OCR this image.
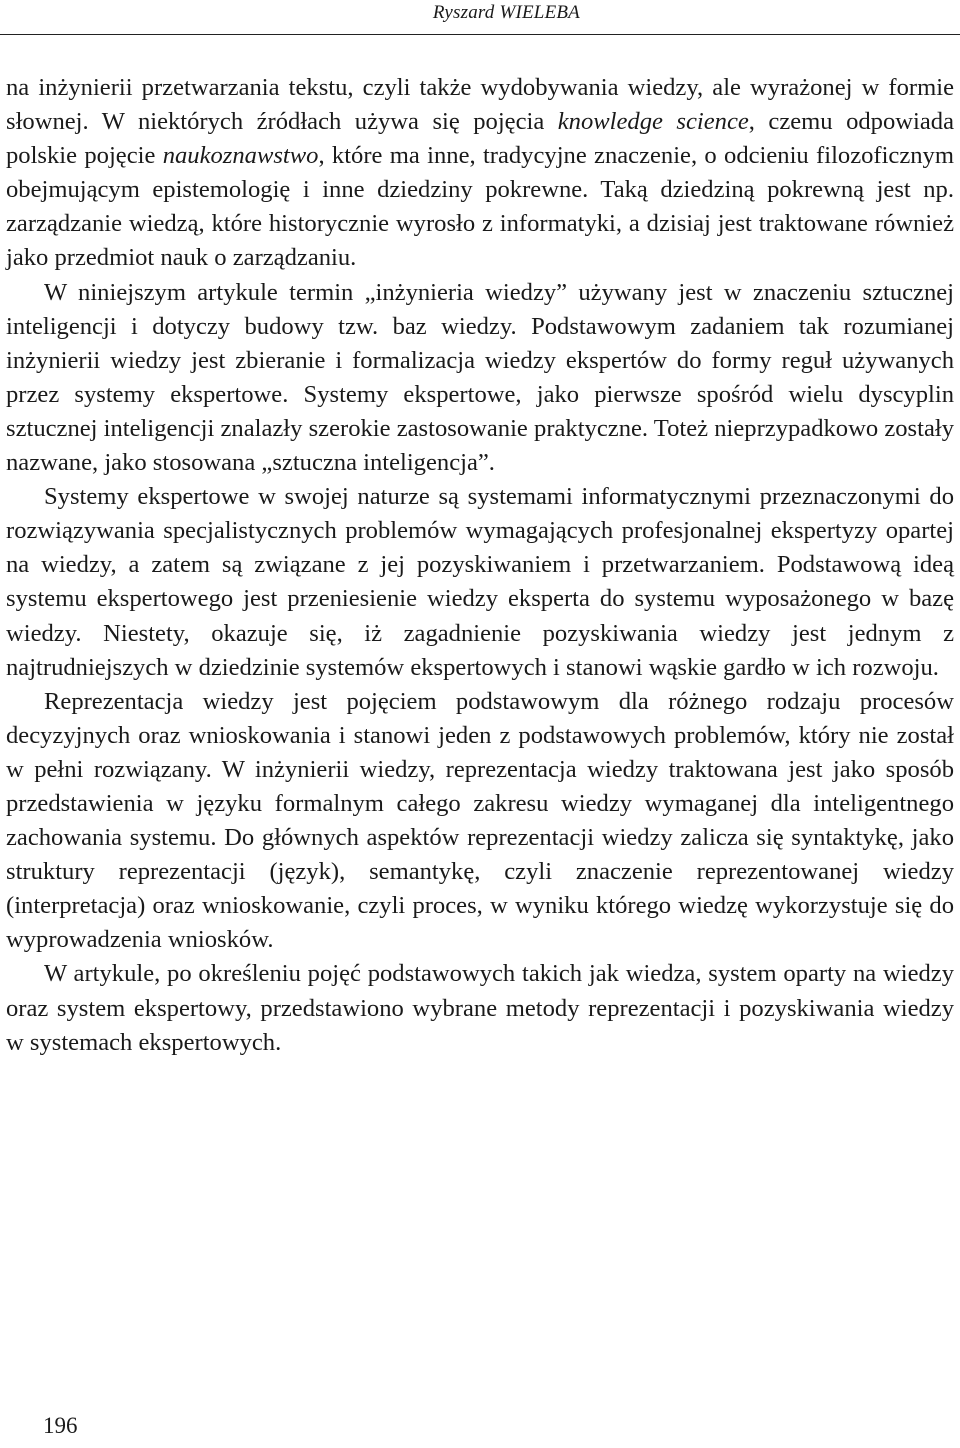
Ryszard WIELEBA

na inżynierii przetwarzania tekstu, czyli także wydobywania wiedzy, ale wyrażonej w formie słownej. W niektórych źródłach używa się pojęcia knowledge science, czemu odpowiada polskie pojęcie naukoznawstwo, które ma inne, tradycyjne znaczenie, o odcieniu filozoficznym obejmującym epistemologię i inne dziedziny pokrewne. Taką dziedziną pokrewną jest np. zarządzanie wiedzą, które historycznie wyrosło z informatyki, a dzisiaj jest traktowane również jako przedmiot nauk o zarządzaniu.

W niniejszym artykule termin „inżynieria wiedzy” używany jest w znaczeniu sztucznej inteligencji i dotyczy budowy tzw. baz wiedzy. Podstawowym zadaniem tak rozumianej inżynierii wiedzy jest zbieranie i formalizacja wiedzy ekspertów do formy reguł używanych przez systemy ekspertowe. Systemy ekspertowe, jako pierwsze spośród wielu dyscyplin sztucznej inteligencji znalazły szerokie zastosowanie praktyczne. Toteż nieprzypadkowo zostały nazwane, jako stosowana „sztuczna inteligencja”.

Systemy ekspertowe w swojej naturze są systemami informatycznymi przeznaczonymi do rozwiązywania specjalistycznych problemów wymagających profesjonalnej ekspertyzy opartej na wiedzy, a zatem są związane z jej pozyskiwaniem i przetwarzaniem. Podstawową ideą systemu ekspertowego jest przeniesienie wiedzy eksperta do systemu wyposażonego w bazę wiedzy. Niestety, okazuje się, iż zagadnienie pozyskiwania wiedzy jest jednym z najtrudniejszych w dziedzinie systemów ekspertowych i stanowi wąskie gardło w ich rozwoju.

Reprezentacja wiedzy jest pojęciem podstawowym dla różnego rodzaju procesów decyzyjnych oraz wnioskowania i stanowi jeden z podstawowych problemów, który nie został w pełni rozwiązany. W inżynierii wiedzy, reprezentacja wiedzy traktowana jest jako sposób przedstawienia w języku formalnym całego zakresu wiedzy wymaganej dla inteligentnego zachowania systemu. Do głównych aspektów reprezentacji wiedzy zalicza się syntaktykę, jako struktury reprezentacji (język), semantykę, czyli znaczenie reprezentowanej wiedzy (interpretacja) oraz wnioskowanie, czyli proces, w wyniku którego wiedzę wykorzystuje się do wyprowadzenia wniosków.

W artykule, po określeniu pojęć podstawowych takich jak wiedza, system oparty na wiedzy oraz system ekspertowy, przedstawiono wybrane metody reprezentacji i pozyskiwania wiedzy w systemach ekspertowych.

196
